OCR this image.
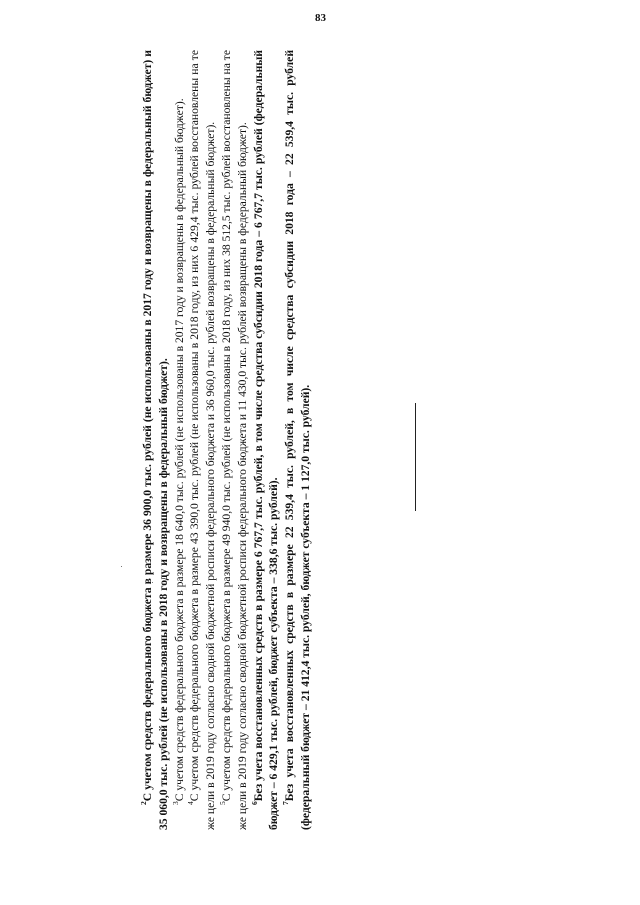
83

$^2$С учетом средств федерального бюджета в размере 36 900,0 тыс. рублей (не использованы в 2017 году и возвращены в федеральный бюджет) и 35 060,0 тыс. рублей (не использованы в 2018 году и возвращены в федеральный бюджет). $^3$С учетом средств федерального бюджета в размере 18 640,0 тыс. рублей (не использованы в 2017 году и возвращены в федеральный бюджет).

$^4$С учетом средств федерального бюджета в размере 43 390,0 тыс. рублей (не использованы в 2018 году, из них 6 429,4 тыс. рублей восстановлены на те же цели в 2019 году согласно сводной бюджетной росписи федерального бюджета и 36 960,0 тыс. рублей возвращены в федеральный бюджет). $^5$С учетом средств федерального бюджета в размере 49 940,0 тыс. рублей (не использованы в 2018 году, из них 38 512,5 тыс. рублей восстановлены на те же цели в 2019 году согласно сводной бюджетной росписи федерального бюджета и 11 430,0 тыс. рублей возвращены в федеральный бюджет). $^6$Без учета восстановленных средств в размере 6 767,7 тыс. рублей, в том числе средства субсидии 2018 года – 6 767,7 тыс. рублей (федеральный бюджет – 6 429,1 тыс. рублей, бюджет субъекта – 338,6 тыс. рублей). $^7$Без учета восстановленных средств в размере 22 539,4 тыс. рублей, в том числе средства субсидии 2018 года – 22 539,4 тыс. рублей (федеральный бюджет – 21 412,4 тыс. рублей, бюджет субъекта – 1 127,0 тыс. рублей).
